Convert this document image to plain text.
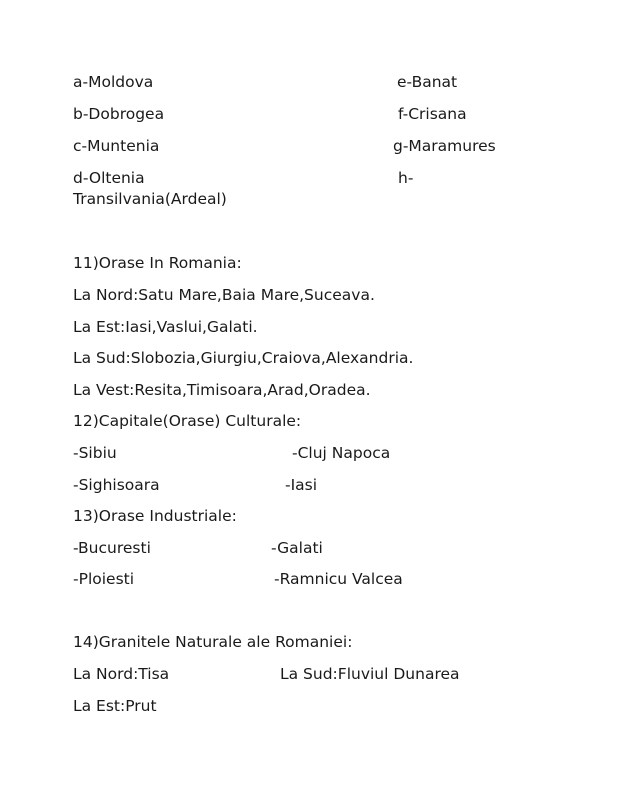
a-Moldova	e-Banat
b-Dobrogea	f-Crisana
c-Muntenia	g-Maramures
d-Oltenia	h-
Transilvania(Ardeal)
11)Orase In Romania:
La Nord:Satu Mare,Baia Mare,Suceava.
La Est:Iasi,Vaslui,Galati.
La Sud:Slobozia,Giurgiu,Craiova,Alexandria.
La Vest:Resita,Timisoara,Arad,Oradea.
12)Capitale(Orase) Culturale:
-Sibiu	-Cluj Napoca
-Sighisoara	-Iasi
13)Orase Industriale:
-Bucuresti	-Galati
-Ploiesti	-Ramnicu Valcea
14)Granitele Naturale ale Romaniei:
La Nord:Tisa	La Sud:Fluviul Dunarea
La Est:Prut
